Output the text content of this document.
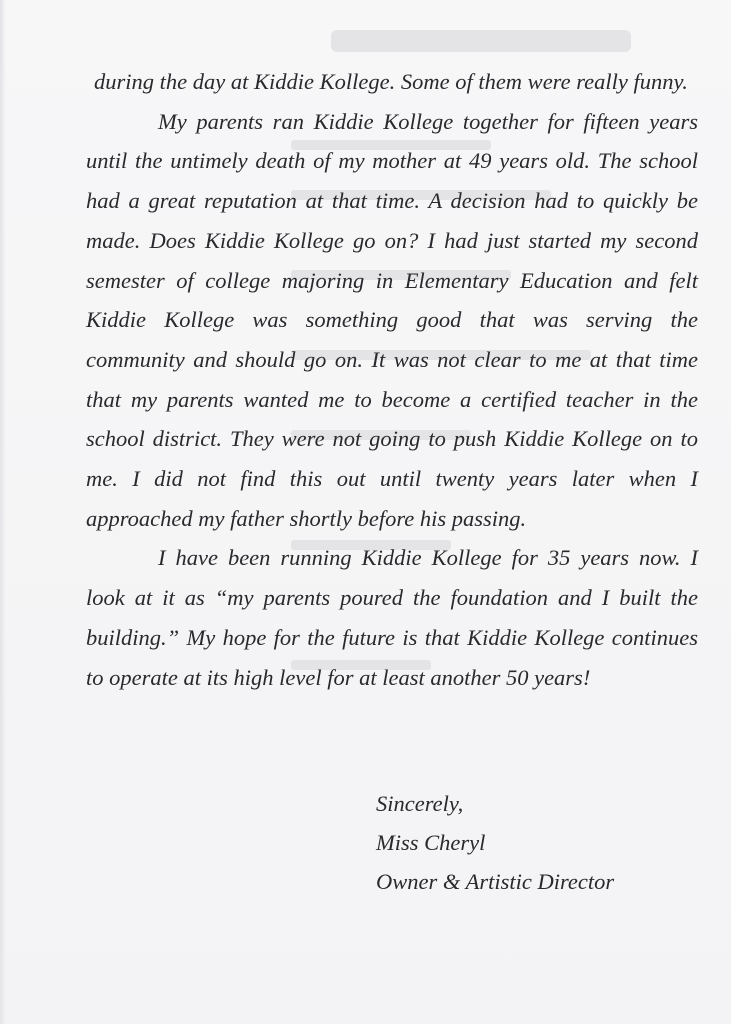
during the day at Kiddie Kollege. Some of them were really funny.

My parents ran Kiddie Kollege together for fifteen years until the untimely death of my mother at 49 years old. The school had a great reputation at that time. A decision had to quickly be made. Does Kiddie Kollege go on? I had just started my second semester of college majoring in Elementary Education and felt Kiddie Kollege was something good that was serving the community and should go on. It was not clear to me at that time that my parents wanted me to become a certified teacher in the school district. They were not going to push Kiddie Kollege on to me. I did not find this out until twenty years later when I approached my father shortly before his passing.

I have been running Kiddie Kollege for 35 years now. I look at it as “my parents poured the foundation and I built the building.” My hope for the future is that Kiddie Kollege continues to operate at its high level for at least another 50 years!

Sincerely,
Miss Cheryl
Owner & Artistic Director
